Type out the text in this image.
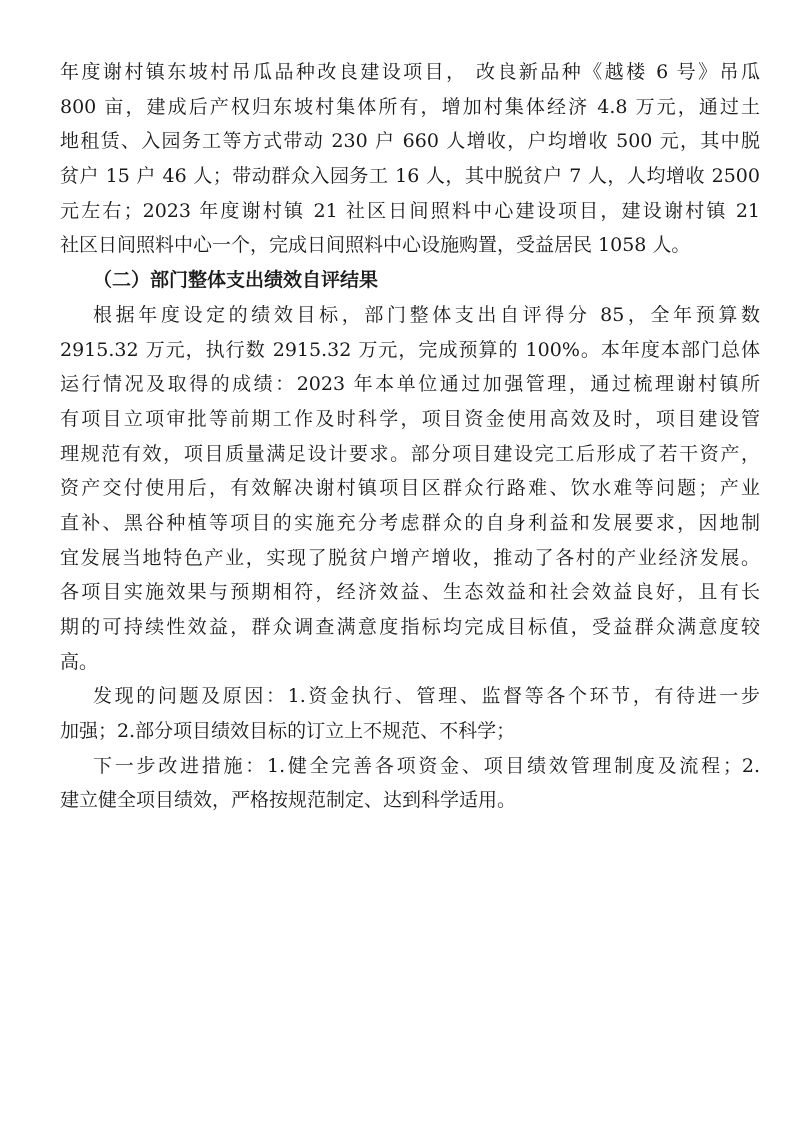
年度谢村镇东坡村吊瓜品种改良建设项目， 改良新品种《越楼 6 号》吊瓜
800 亩，建成后产权归东坡村集体所有，增加村集体经济 4.8 万元，通过土
地租赁、入园务工等方式带动 230 户 660 人增收，户均增收 500 元，其中脱
贫户 15 户 46 人；带动群众入园务工 16 人，其中脱贫户 7 人，人均增收 2500
元左右；2023 年度谢村镇 21 社区日间照料中心建设项目，建设谢村镇 21
社区日间照料中心一个，完成日间照料中心设施购置，受益居民 1058 人。
（二）部门整体支出绩效自评结果
根据年度设定的绩效目标，部门整体支出自评得分 85，全年预算数
2915.32 万元，执行数 2915.32 万元，完成预算的 100%。本年度本部门总体
运行情况及取得的成绩：2023 年本单位通过加强管理，通过梳理谢村镇所
有项目立项审批等前期工作及时科学，项目资金使用高效及时，项目建设管
理规范有效，项目质量满足设计要求。部分项目建设完工后形成了若干资产，
资产交付使用后，有效解决谢村镇项目区群众行路难、饮水难等问题；产业
直补、黑谷种植等项目的实施充分考虑群众的自身利益和发展要求，因地制
宜发展当地特色产业，实现了脱贫户增产增收，推动了各村的产业经济发展。
各项目实施效果与预期相符，经济效益、生态效益和社会效益良好，且有长
期的可持续性效益，群众调查满意度指标均完成目标值，受益群众满意度较
高。
发现的问题及原因：1.资金执行、管理、监督等各个环节，有待进一步
加强；2.部分项目绩效目标的订立上不规范、不科学；
下一步改进措施：1.健全完善各项资金、项目绩效管理制度及流程；2.
建立健全项目绩效，严格按规范制定、达到科学适用。
